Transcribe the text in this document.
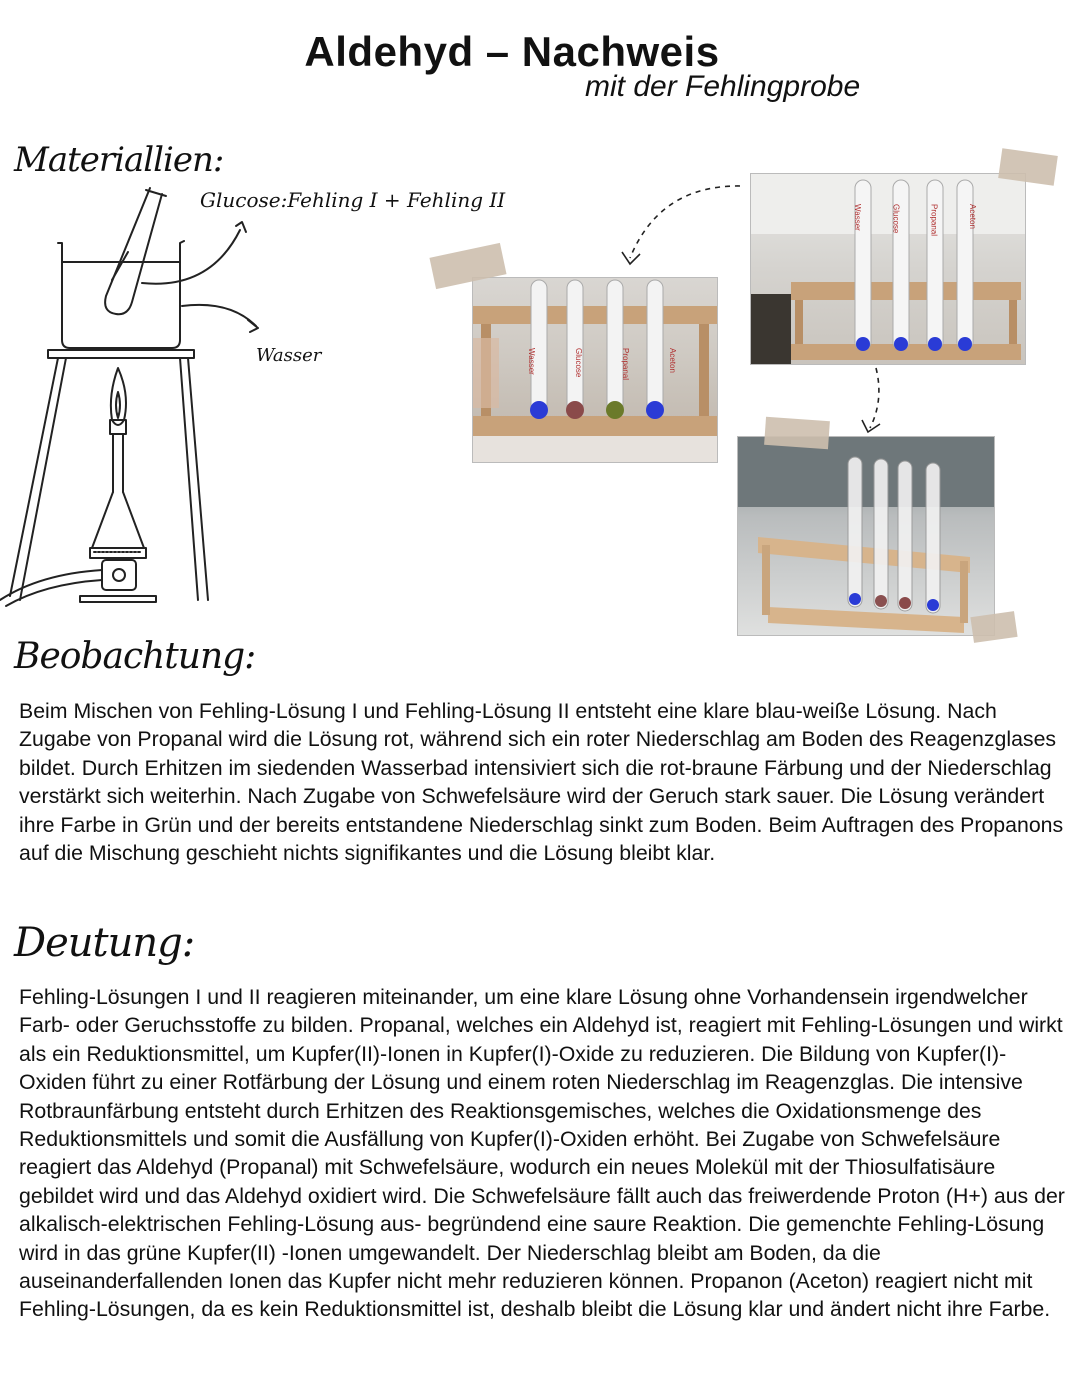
Aldehyd – Nachweis
mit der Fehlingprobe
Materiallien:
Glucose:Fehling I + Fehling II
Wasser	Wasser	Glucose	Propanal	Aceton
Wasser	Glucose	Propanal	Aceton
Beobachtung:

Beim Mischen von Fehling-Lösung I und Fehling-Lösung II entsteht eine klare blau-weiße Lösung. Nach Zugabe von Propanal wird die Lösung rot, während sich ein roter Niederschlag am Boden des Reagenzglases bildet. Durch Erhitzen im siedenden Wasserbad intensiviert sich die rot-braune Färbung und der Niederschlag verstärkt sich weiterhin. Nach Zugabe von Schwefelsäure wird der Geruch stark sauer. Die Lösung verändert ihre Farbe in Grün und der bereits entstandene Niederschlag sinkt zum Boden. Beim Auftragen des Propanons auf die Mischung geschieht nichts signifikantes und die Lösung bleibt klar.

Deutung:

Fehling-Lösungen I und II reagieren miteinander, um eine klare Lösung ohne Vorhandensein irgendwelcher Farb- oder Geruchsstoffe zu bilden. Propanal, welches ein Aldehyd ist, reagiert mit Fehling-Lösungen und wirkt als ein Reduktionsmittel, um Kupfer(II)-Ionen in Kupfer(I)-Oxide zu reduzieren. Die Bildung von Kupfer(I)-Oxiden führt zu einer Rotfärbung der Lösung und einem roten Niederschlag im Reagenzglas. Die intensive Rotbraunfärbung entsteht durch Erhitzen des Reaktionsgemisches, welches die Oxidationsmenge des Reduktionsmittels und somit die Ausfällung von Kupfer(I)-Oxiden erhöht. Bei Zugabe von Schwefelsäure reagiert das Aldehyd (Propanal) mit Schwefelsäure, wodurch ein neues Molekül mit der Thiosulfatisäure gebildet wird und das Aldehyd oxidiert wird. Die Schwefelsäure fällt auch das freiwerdende Proton (H+) aus der alkalisch-elektrischen Fehling-Lösung aus- begründend eine saure Reaktion. Die gemenchte Fehling-Lösung wird in das grüne Kupfer(II) -Ionen umgewandelt. Der Niederschlag bleibt am Boden, da die auseinanderfallenden Ionen das Kupfer nicht mehr reduzieren können. Propanon (Aceton) reagiert nicht mit Fehling-Lösungen, da es kein Reduktionsmittel ist, deshalb bleibt die Lösung klar und ändert nicht ihre Farbe.
